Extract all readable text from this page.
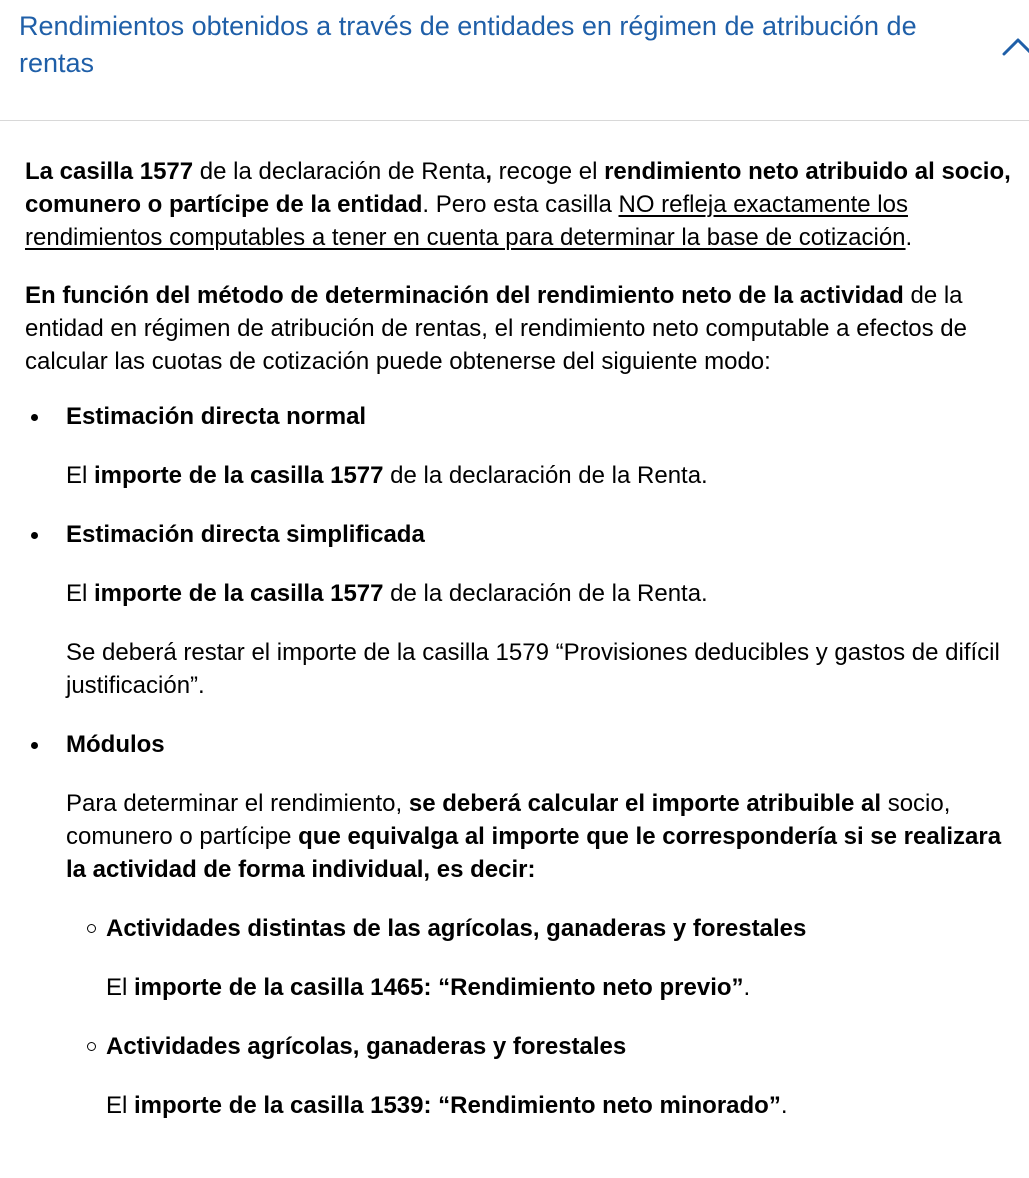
Rendimientos obtenidos a través de entidades en régimen de atribución de rentas

La casilla 1577 de la declaración de Renta, recoge el rendimiento neto atribuido al socio, comunero o partícipe de la entidad. Pero esta casilla NO refleja exactamente los rendimientos computables a tener en cuenta para determinar la base de cotización.

En función del método de determinación del rendimiento neto de la actividad de la entidad en régimen de atribución de rentas, el rendimiento neto computable a efectos de calcular las cuotas de cotización puede obtenerse del siguiente modo:

Estimación directa normal

El importe de la casilla 1577 de la declaración de la Renta.

Estimación directa simplificada

El importe de la casilla 1577 de la declaración de la Renta.

Se deberá restar el importe de la casilla 1579 “Provisiones deducibles y gastos de difícil justificación”.

Módulos

Para determinar el rendimiento, se deberá calcular el importe atribuible al socio, comunero o partícipe que equivalga al importe que le correspondería si se realizara la actividad de forma individual, es decir:

Actividades distintas de las agrícolas, ganaderas y forestales

El importe de la casilla 1465: “Rendimiento neto previo”.

Actividades agrícolas, ganaderas y forestales

El importe de la casilla 1539: “Rendimiento neto minorado”.
